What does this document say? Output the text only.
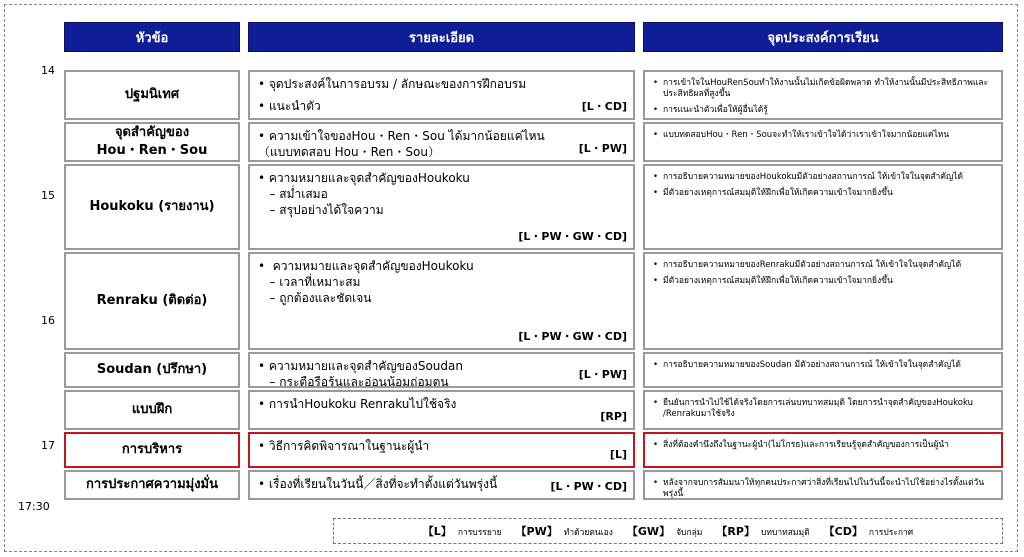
หัวข้อ	รายละเอียด	จุดประสงค์การเรียน
14
15
16
17
17:30
ปฐมนิเทศ
• จุดประสงค์ในการอบรม / ลักษณะของการฝึกอบรม
• แนะนำตัว	[L・CD]
• การเข้าใจในHouRenSouทำให้งานนั้นไม่เกิดข้อผิดพลาด ทำให้งานนั้นมีประสิทธิภาพและประสิทธิผลที่สูงขึ้น
• การแนะนำตัวเพื่อให้ผู้อื่นได้รู้
จุดสำคัญของ
Hou・Ren・Sou
• ความเข้าใจของHou・Ren・Sou ได้มากน้อยแค่ไหน
（แบบทดสอบ Hou・Ren・Sou）	[L・PW]
• แบบทดสอบHou・Ren・Souจะทำให้เราเข้าใจได้ว่าเราเข้าใจมากน้อยแค่ไหน
Houkoku (รายงาน)
• ความหมายและจุดสำคัญของHoukoku
– สม่ำเสมอ
– สรุปอย่างได้ใจความ
[L・PW・GW・CD]
• การอธิบายความหมายของHoukokuมีตัวอย่างสถานการณ์ ให้เข้าใจในจุดสำคัญได้
• มีตัวอย่างเหตุการณ์สมมุติให้ฝึกเพื่อให้เกิดความเข้าใจมากยิ่งขึ้น
Renraku (ติดต่อ)
•  ความหมายและจุดสำคัญของHoukoku
– เวลาที่เหมาะสม
– ถูกต้องและชัดเจน
[L・PW・GW・CD]
• การอธิบายความหมายของRenrakuมีตัวอย่างสถานการณ์ ให้เข้าใจในจุดสำคัญได้
• มีตัวอย่างเหตุการณ์สมมุติให้ฝึกเพื่อให้เกิดความเข้าใจมากยิ่งขึ้น
Soudan (ปรึกษา)	• ความหมายและจุดสำคัญของSoudan
– กระตือรือร้นและอ่อนน้อมถ่อมตน
[L・PW]
• การอธิบายความหมายของSoudan มีตัวอย่างสถานการณ์ ให้เข้าใจในจุดสำคัญได้
แบบฝึก	• การนำHoukoku Renrakuไปใช้จริง
[RP]
• ยืนยันการนำไปใช้ได้จริงโดยการเล่นบทบาทสมมุติ โดยการนำจุดสำคัญของHoukoku /Renrakuมาใช้จริง
การบริหาร	• วิธีการคิดพิจารณาในฐานะผู้นำ
[L]
• สิ่งที่ต้องคำนึงถึงในฐานะผู้นำ(ไม่โกรธ)และการเรียนรู้จุดสำคัญของการเป็นผู้นำ
การประกาศความมุ่งมั่น	• เรื่องที่เรียนในวันนี้／สิ่งที่จะทำตั้งแต่วันพรุ่งนี้	[L・PW・CD]
•	หลังจากจบการสัมมนาให้ทุกคนประกาศว่าสิ่งที่เรียนไปในวันนี้จะนำไปใช้อย่างไรตั้งแต่วันพรุ่งนี้
【L】 การบรรยาย 【PW】 ทำด้วยตนเอง 【GW】 จับกลุ่ม 【RP】 บทบาทสมมุติ 【CD】 การประกาศ
